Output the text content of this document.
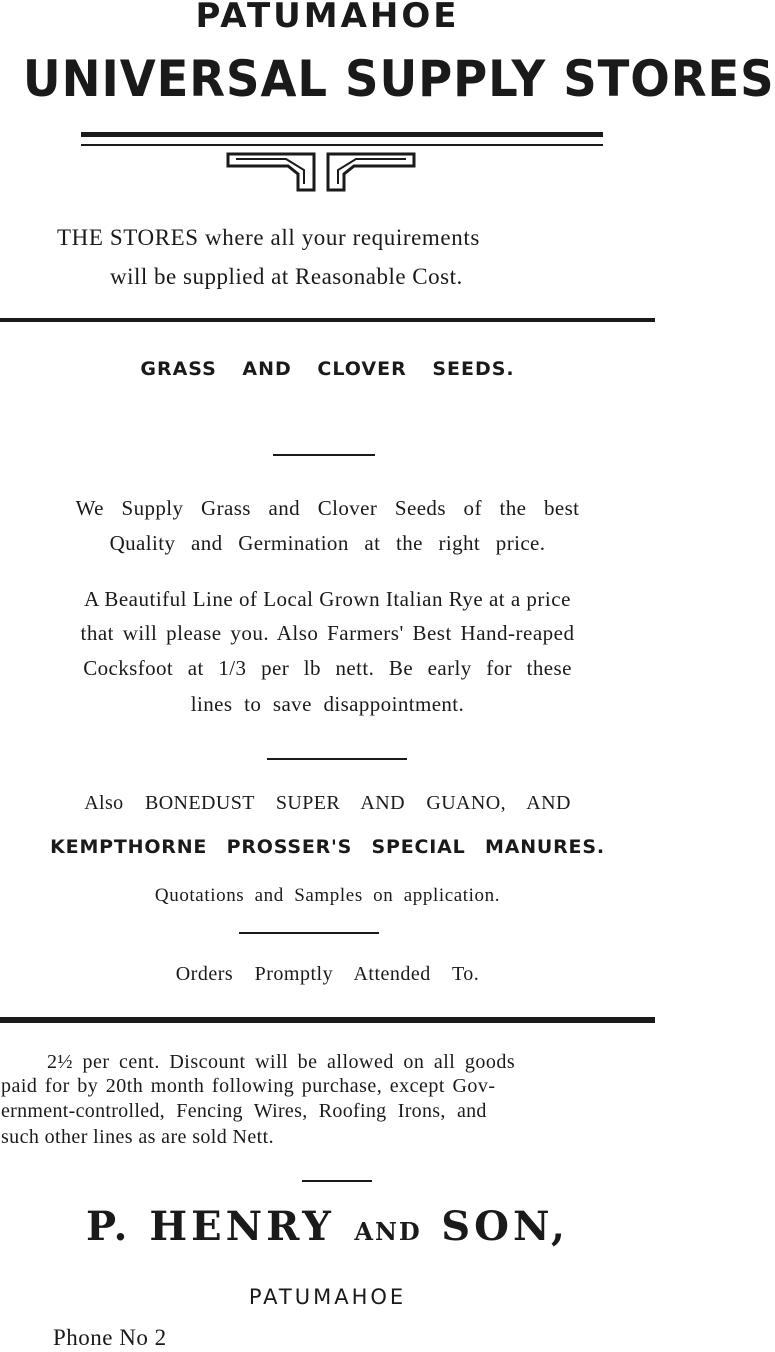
PATUMAHOE
UNIVERSAL SUPPLY STORES
THE STORES where all your requirements
will be supplied at Reasonable Cost.
GRASS AND CLOVER SEEDS.
We Supply Grass and Clover Seeds of the best
Quality and Germination at the right price.
A Beautiful Line of Local Grown Italian Rye at a price
that will please you. Also Farmers' Best Hand-reaped
Cocksfoot at 1/3 per lb nett. Be early for these
lines to save disappointment.
Also BONEDUST SUPER AND GUANO, AND
KEMPTHORNE PROSSER'S SPECIAL MANURES.
Quotations and Samples on application.
Orders Promptly Attended To.
2½ per cent. Discount will be allowed on all goods
paid for by 20th month following purchase, except Gov-
ernment-controlled, Fencing Wires, Roofing Irons, and
such other lines as are sold Nett.
P. HENRY AND SON,
PATUMAHOE
Phone No 2
